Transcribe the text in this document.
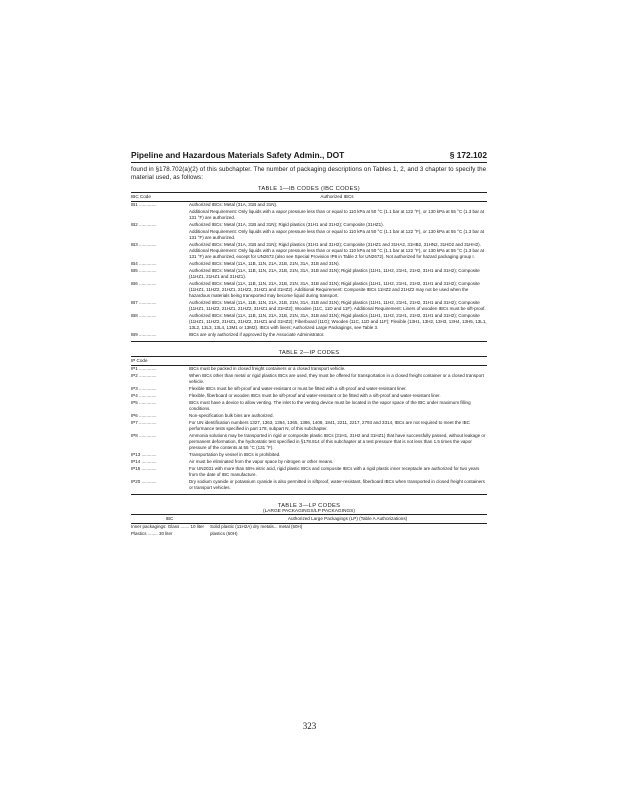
Pipeline and Hazardous Materials Safety Admin., DOT	§ 172.102
found in §178.702(a)(2) of this subchapter. The number of packaging descriptions on Tables 1, 2, and 3 chapter to specify the material used, as follows:
TABLE 1—IB CODES (IBC CODES)
IBC Code	Authorized IBCs
IB1 ..............	Authorized IBCs: Metal (31A, 31B and 31N).
	Additional Requirement: Only liquids with a vapor pressure less than or equal to 110 kPa at 50 °C (1.1 bar at 122 °F), or 130 kPa at 55 °C (1.3 bar at 131 °F) are authorized.
IB2 ..............	Authorized IBCs: Metal (31A, 31B and 31N); Rigid plastics (31H1 and 31H2); Composite (31HZ1).
	Additional Requirement: Only liquids with a vapor pressure less than or equal to 110 kPa at 50 °C (1.1 bar at 122 °F), or 130 kPa at 55 °C (1.3 bar at 131 °F) are authorized.
IB3 ..............	Authorized IBCs: Metal (31A, 31B and 31N); Rigid plastics (31H1 and 31H2); Composite (31HZ1 and 31HA2, 31HB2, 31HN2, 31HD2 and 31HH2). Additional Requirement: Only liquids with a vapor pressure less than or equal to 110 kPa at 50 °C (1.1 bar at 122 °F), or 130 kPa at 55 °C (1.3 bar at 131 °F) are authorized, except for UN2672 (also see Special Provision IP8 in Table 2 for UN2672). Not authorized for hazard packaging group I.
IB4 ..............	Authorized IBCs: Metal (11A, 11B, 11N, 21A, 21B, 21N, 31A, 31B and 31N).
IB5 ..............	Authorized IBCs: Metal (11A, 11B, 11N, 21A, 21B, 21N, 31A, 31B and 31N); Rigid plastics (11H1, 11H2, 21H1, 21H2, 31H1 and 31H2); Composite (11HZ1, 21HZ1 and 31HZ1).
IB6 ..............	Authorized IBCs: Metal (11A, 11B, 11N, 21A, 21B, 21N, 31A, 31B and 31N); Rigid plastics (11H1, 11H2, 21H1, 21H2, 31H1 and 31H2); Composite (11HZ1, 11HZ2, 21HZ1, 21HZ2, 31HZ1 and 31HZ2). Additional Requirement: Composite IBCs 11HZ2 and 21HZ2 may not be used when the hazardous materials being transported may become liquid during transport.
IB7 ..............	Authorized IBCs: Metal (11A, 11B, 11N, 21A, 21B, 21N, 31A, 31B and 31N); Rigid plastics (11H1, 11H2, 21H1, 21H2, 31H1 and 31H2); Composite (11HZ1, 11HZ2, 21HZ1, 21HZ2, 31HZ1 and 31HZ2); Wooden (11C, 11D and 11F). Additional Requirement: Liners of wooden IBCs must be sift-proof.
IB8 ..............	Authorized IBCs: Metal (11A, 11B, 11N, 21A, 21B, 21N, 31A, 31B and 31N); Rigid plastics (11H1, 11H2, 21H1, 21H2, 31H1 and 31H2); Composite (11HZ1, 11HZ2, 21HZ1, 21HZ2, 31HZ1 and 31HZ2); Fiberboard (11G); Wooden (11C, 11D and 11F); Flexible (13H1, 13H2, 13H3, 13H4, 13H5, 13L1, 13L2, 13L3, 13L4, 13M1 or 13M2). IBCs with liners; Authorized Large Packagings, see Table 3.
IB9 ..............	IBCs are only authorized if approved by the Associate Administrator.
TABLE 2—IP CODES
IP Code	
IP1 ..............	IBCs must be packed in closed freight containers or a closed transport vehicle.
IP2 ..............	When IBCs other than metal or rigid plastics IBCs are used, they must be offered for transportation in a closed freight container or a closed transport vehicle.
IP3 ..............	Flexible IBCs must be sift-proof and water-resistant or must be fitted with a sift-proof and water-resistant liner.
IP4 ..............	Flexible, fiberboard or wooden IBCs must be sift-proof and water-resistant or be fitted with a sift-proof and water-resistant liner.
IP5 ..............	IBCs must have a device to allow venting. The inlet to the venting device must be located in the vapor space of the IBC under maximum filling conditions.
IP6 ..............	Non-specification bulk bins are authorized.
IP7 ..............	For UN identification numbers 1327, 1363, 1364, 1365, 1386, 1408, 1841, 2211, 2217, 2793 and 3314, IBCs are not required to meet the IBC performance tests specified in part 178, subpart N, of this subchapter.
IP8 ..............	Ammonia solutions may be transported in rigid or composite plastic IBCs (31H1, 31H2 and 31HZ1) that have successfully passed, without leakage or permanent deformation, the hydrostatic test specified in §178.814 of this subchapter at a test pressure that is not less than 1.5 times the vapor pressure of the contents at 55 °C (131 °F).
IP13 ............	Transportation by vessel in IBCs is prohibited.
IP14 ............	Air must be eliminated from the vapor space by nitrogen or other means.
IP15 ............	For UN2031 with more than 55% nitric acid, rigid plastic IBCs and composite IBCs with a rigid plastic inner receptacle are authorized for two years from the date of IBC manufacture.
IP20 ............	Dry sodium cyanide or potassium cyanide is also permitted in siftproof, water-resistant, fiberboard IBCs when transported in closed freight containers or transport vehicles.
TABLE 3—LP CODES
(LARGE PACKAGINGS/LP PACKAGINGS)
IBC	Authorized Large Packagings (LP) (Table A Authorizations)
Inner packagings: Glass ....... 10 liter	Solid plastic (11H2A) dry metals... metal (50H)
Plastics ........ 30 liter	plastics (50H)
323
